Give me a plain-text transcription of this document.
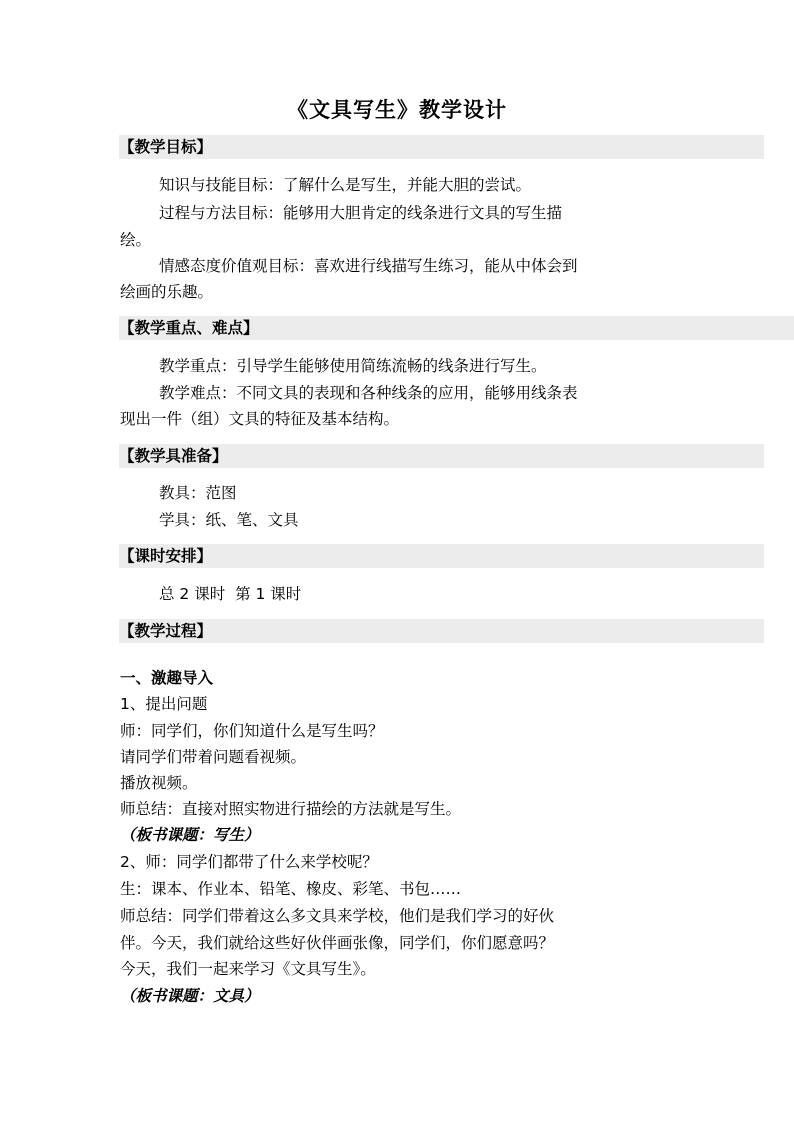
《文具写生》教学设计
【教学目标】
知识与技能目标：了解什么是写生，并能大胆的尝试。
过程与方法目标：能够用大胆肯定的线条进行文具的写生描
绘。
情感态度价值观目标：喜欢进行线描写生练习，能从中体会到
绘画的乐趣。
【教学重点、难点】
教学重点：引导学生能够使用简练流畅的线条进行写生。
教学难点：不同文具的表现和各种线条的应用，能够用线条表
现出一件（组）文具的特征及基本结构。
【教学具准备】
教具：范图
学具：纸、笔、文具
【课时安排】
总 2 课时  第 1 课时
【教学过程】
一、激趣导入
1、提出问题
师：同学们，你们知道什么是写生吗？
请同学们带着问题看视频。
播放视频。
师总结：直接对照实物进行描绘的方法就是写生。
（板书课题：写生）
2、师：同学们都带了什么来学校呢？
生：课本、作业本、铅笔、橡皮、彩笔、书包……
师总结：同学们带着这么多文具来学校，他们是我们学习的好伙
伴。今天，我们就给这些好伙伴画张像，同学们，你们愿意吗？
今天，我们一起来学习《文具写生》。
（板书课题：文具）
